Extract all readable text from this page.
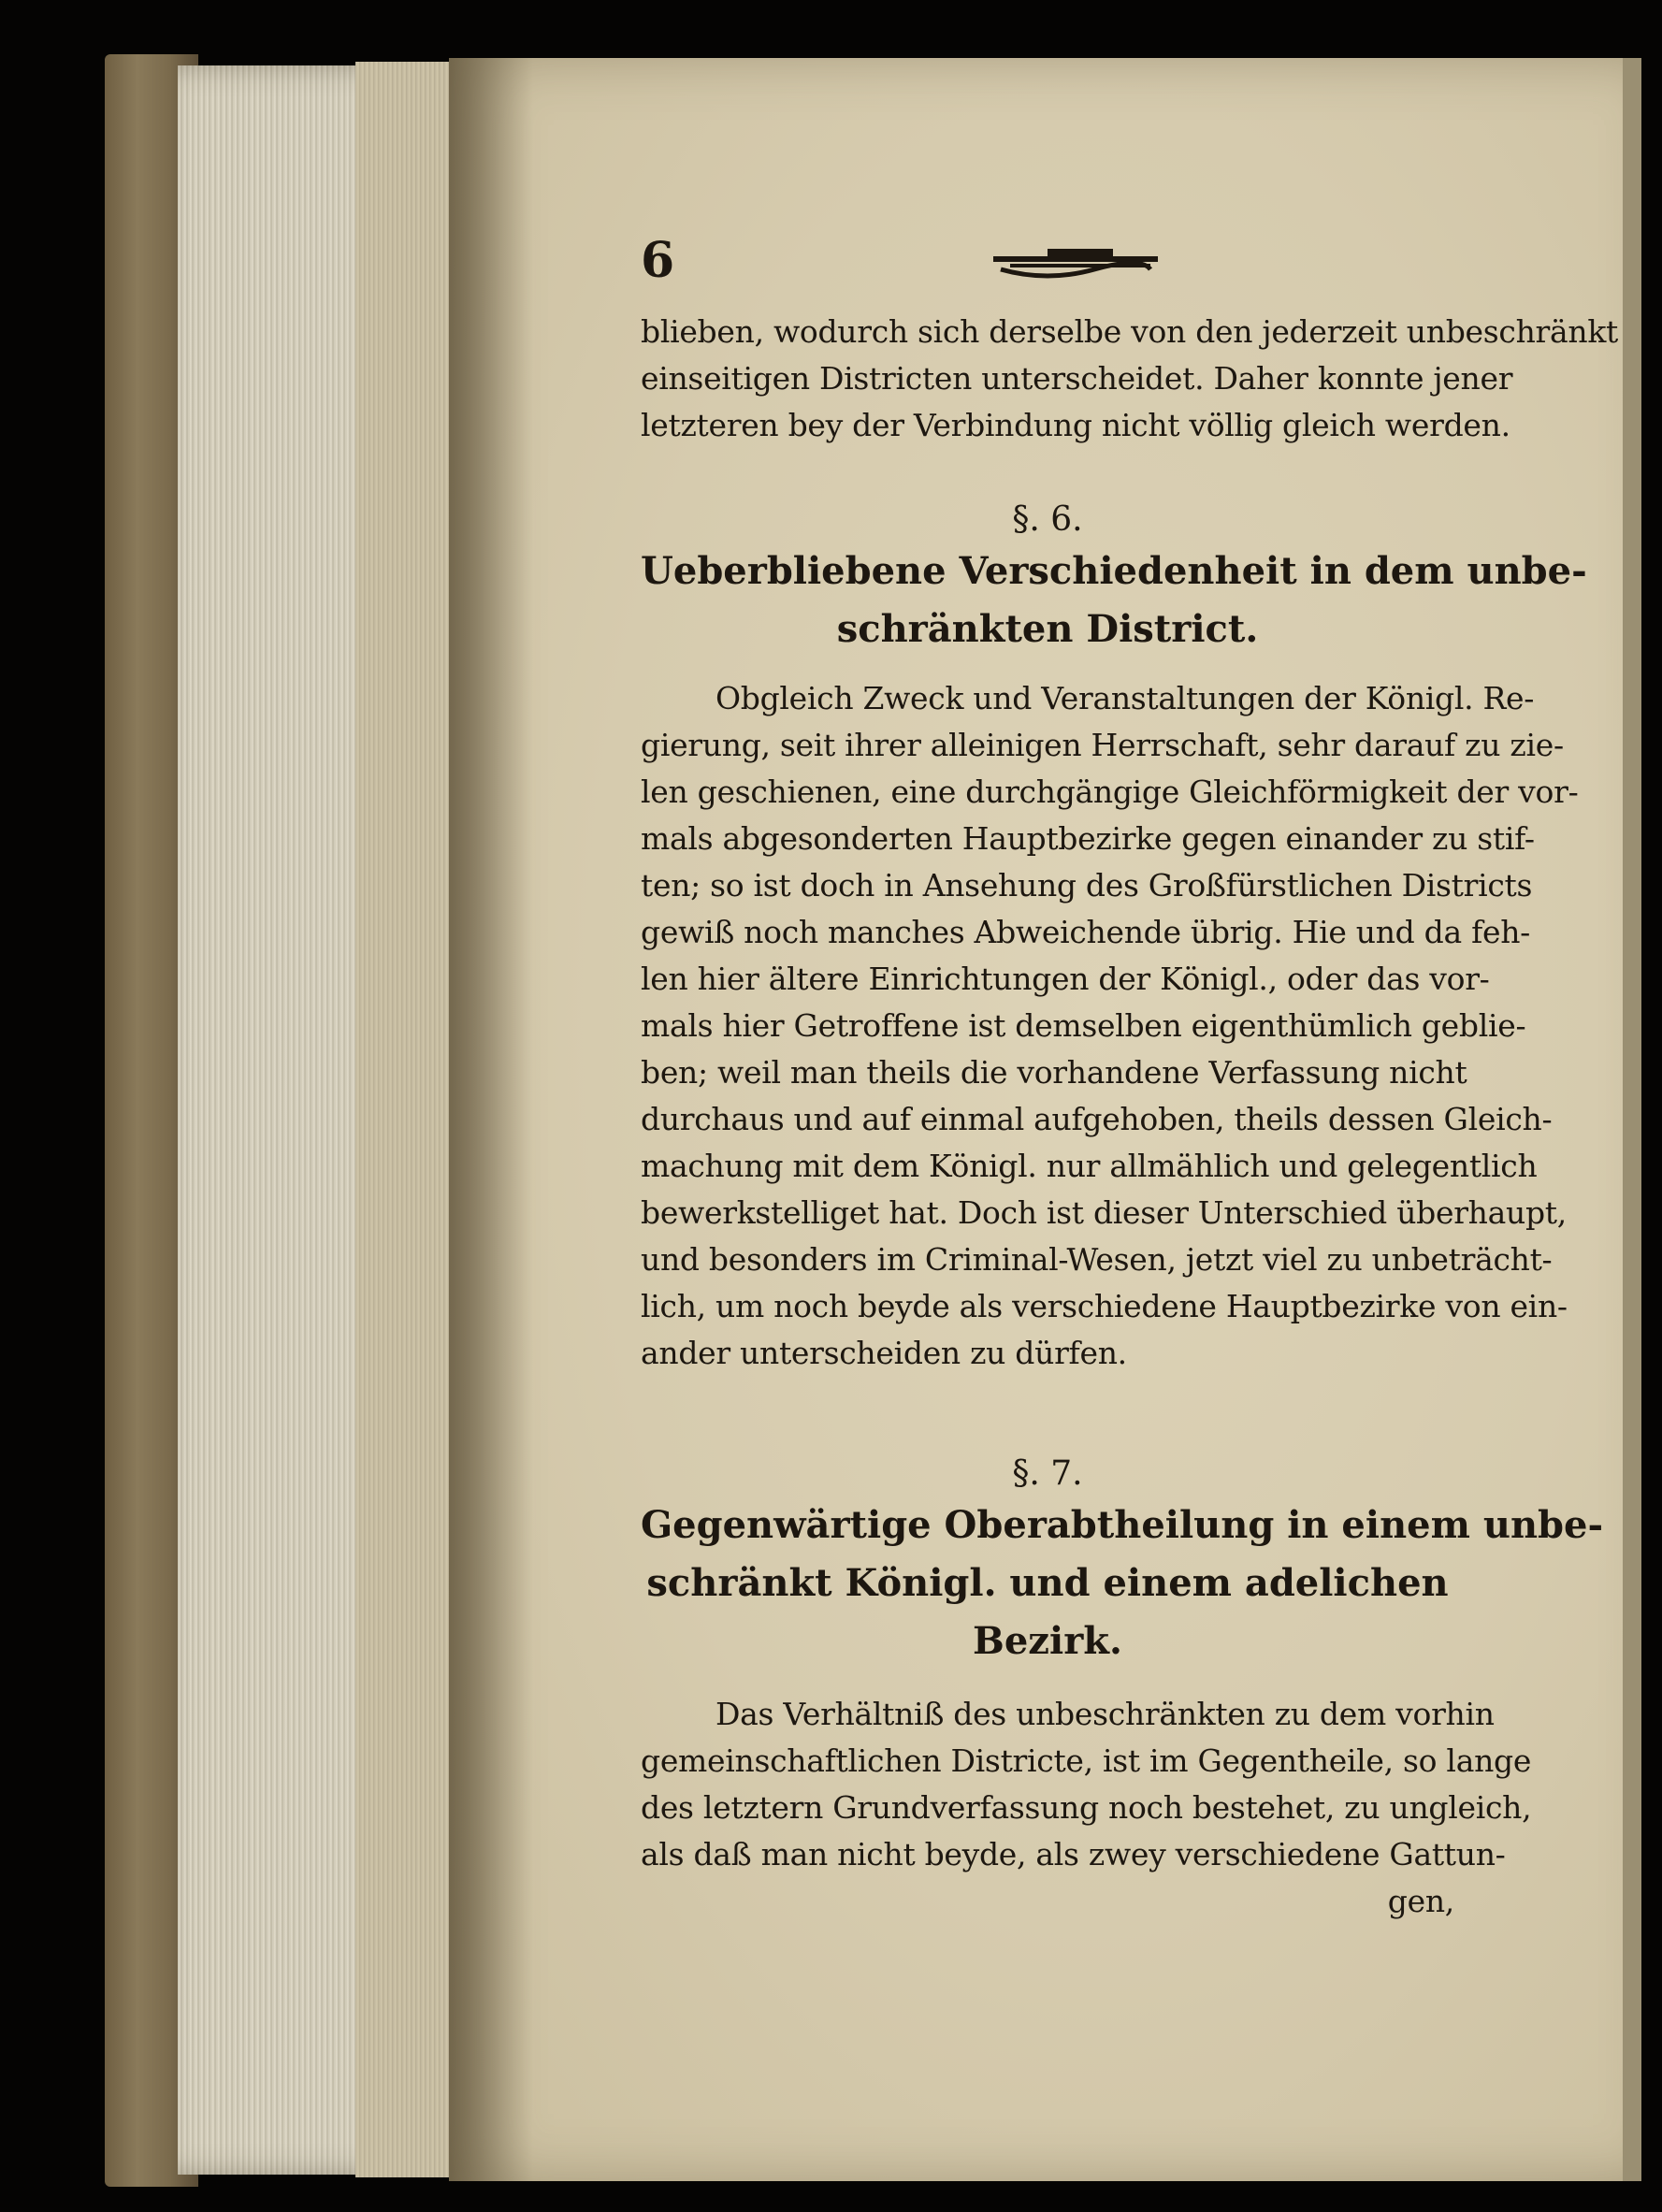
6
blieben, wodurch sich derselbe von den jederzeit unbeschränkt
einseitigen Districten unterscheidet. Daher konnte jener
letzteren bey der Verbindung nicht völlig gleich werden.
§. 6.
Ueberbliebene Verschiedenheit in dem unbe-
schränkten District.
Obgleich Zweck und Veranstaltungen der Königl. Re-
gierung, seit ihrer alleinigen Herrschaft, sehr darauf zu zie-
len geschienen, eine durchgängige Gleichförmigkeit der vor-
mals abgesonderten Hauptbezirke gegen einander zu stif-
ten; so ist doch in Ansehung des Großfürstlichen Districts
gewiß noch manches Abweichende übrig. Hie und da feh-
len hier ältere Einrichtungen der Königl., oder das vor-
mals hier Getroffene ist demselben eigenthümlich geblie-
ben; weil man theils die vorhandene Verfassung nicht
durchaus und auf einmal aufgehoben, theils dessen Gleich-
machung mit dem Königl. nur allmählich und gelegentlich
bewerkstelliget hat. Doch ist dieser Unterschied überhaupt,
und besonders im Criminal-Wesen, jetzt viel zu unbeträcht-
lich, um noch beyde als verschiedene Hauptbezirke von ein-
ander unterscheiden zu dürfen.
§. 7.
Gegenwärtige Oberabtheilung in einem unbe-
schränkt Königl. und einem adelichen
Bezirk.
Das Verhältniß des unbeschränkten zu dem vorhin
gemeinschaftlichen Districte, ist im Gegentheile, so lange
des letztern Grundverfassung noch bestehet, zu ungleich,
als daß man nicht beyde, als zwey verschiedene Gattun-
gen,
